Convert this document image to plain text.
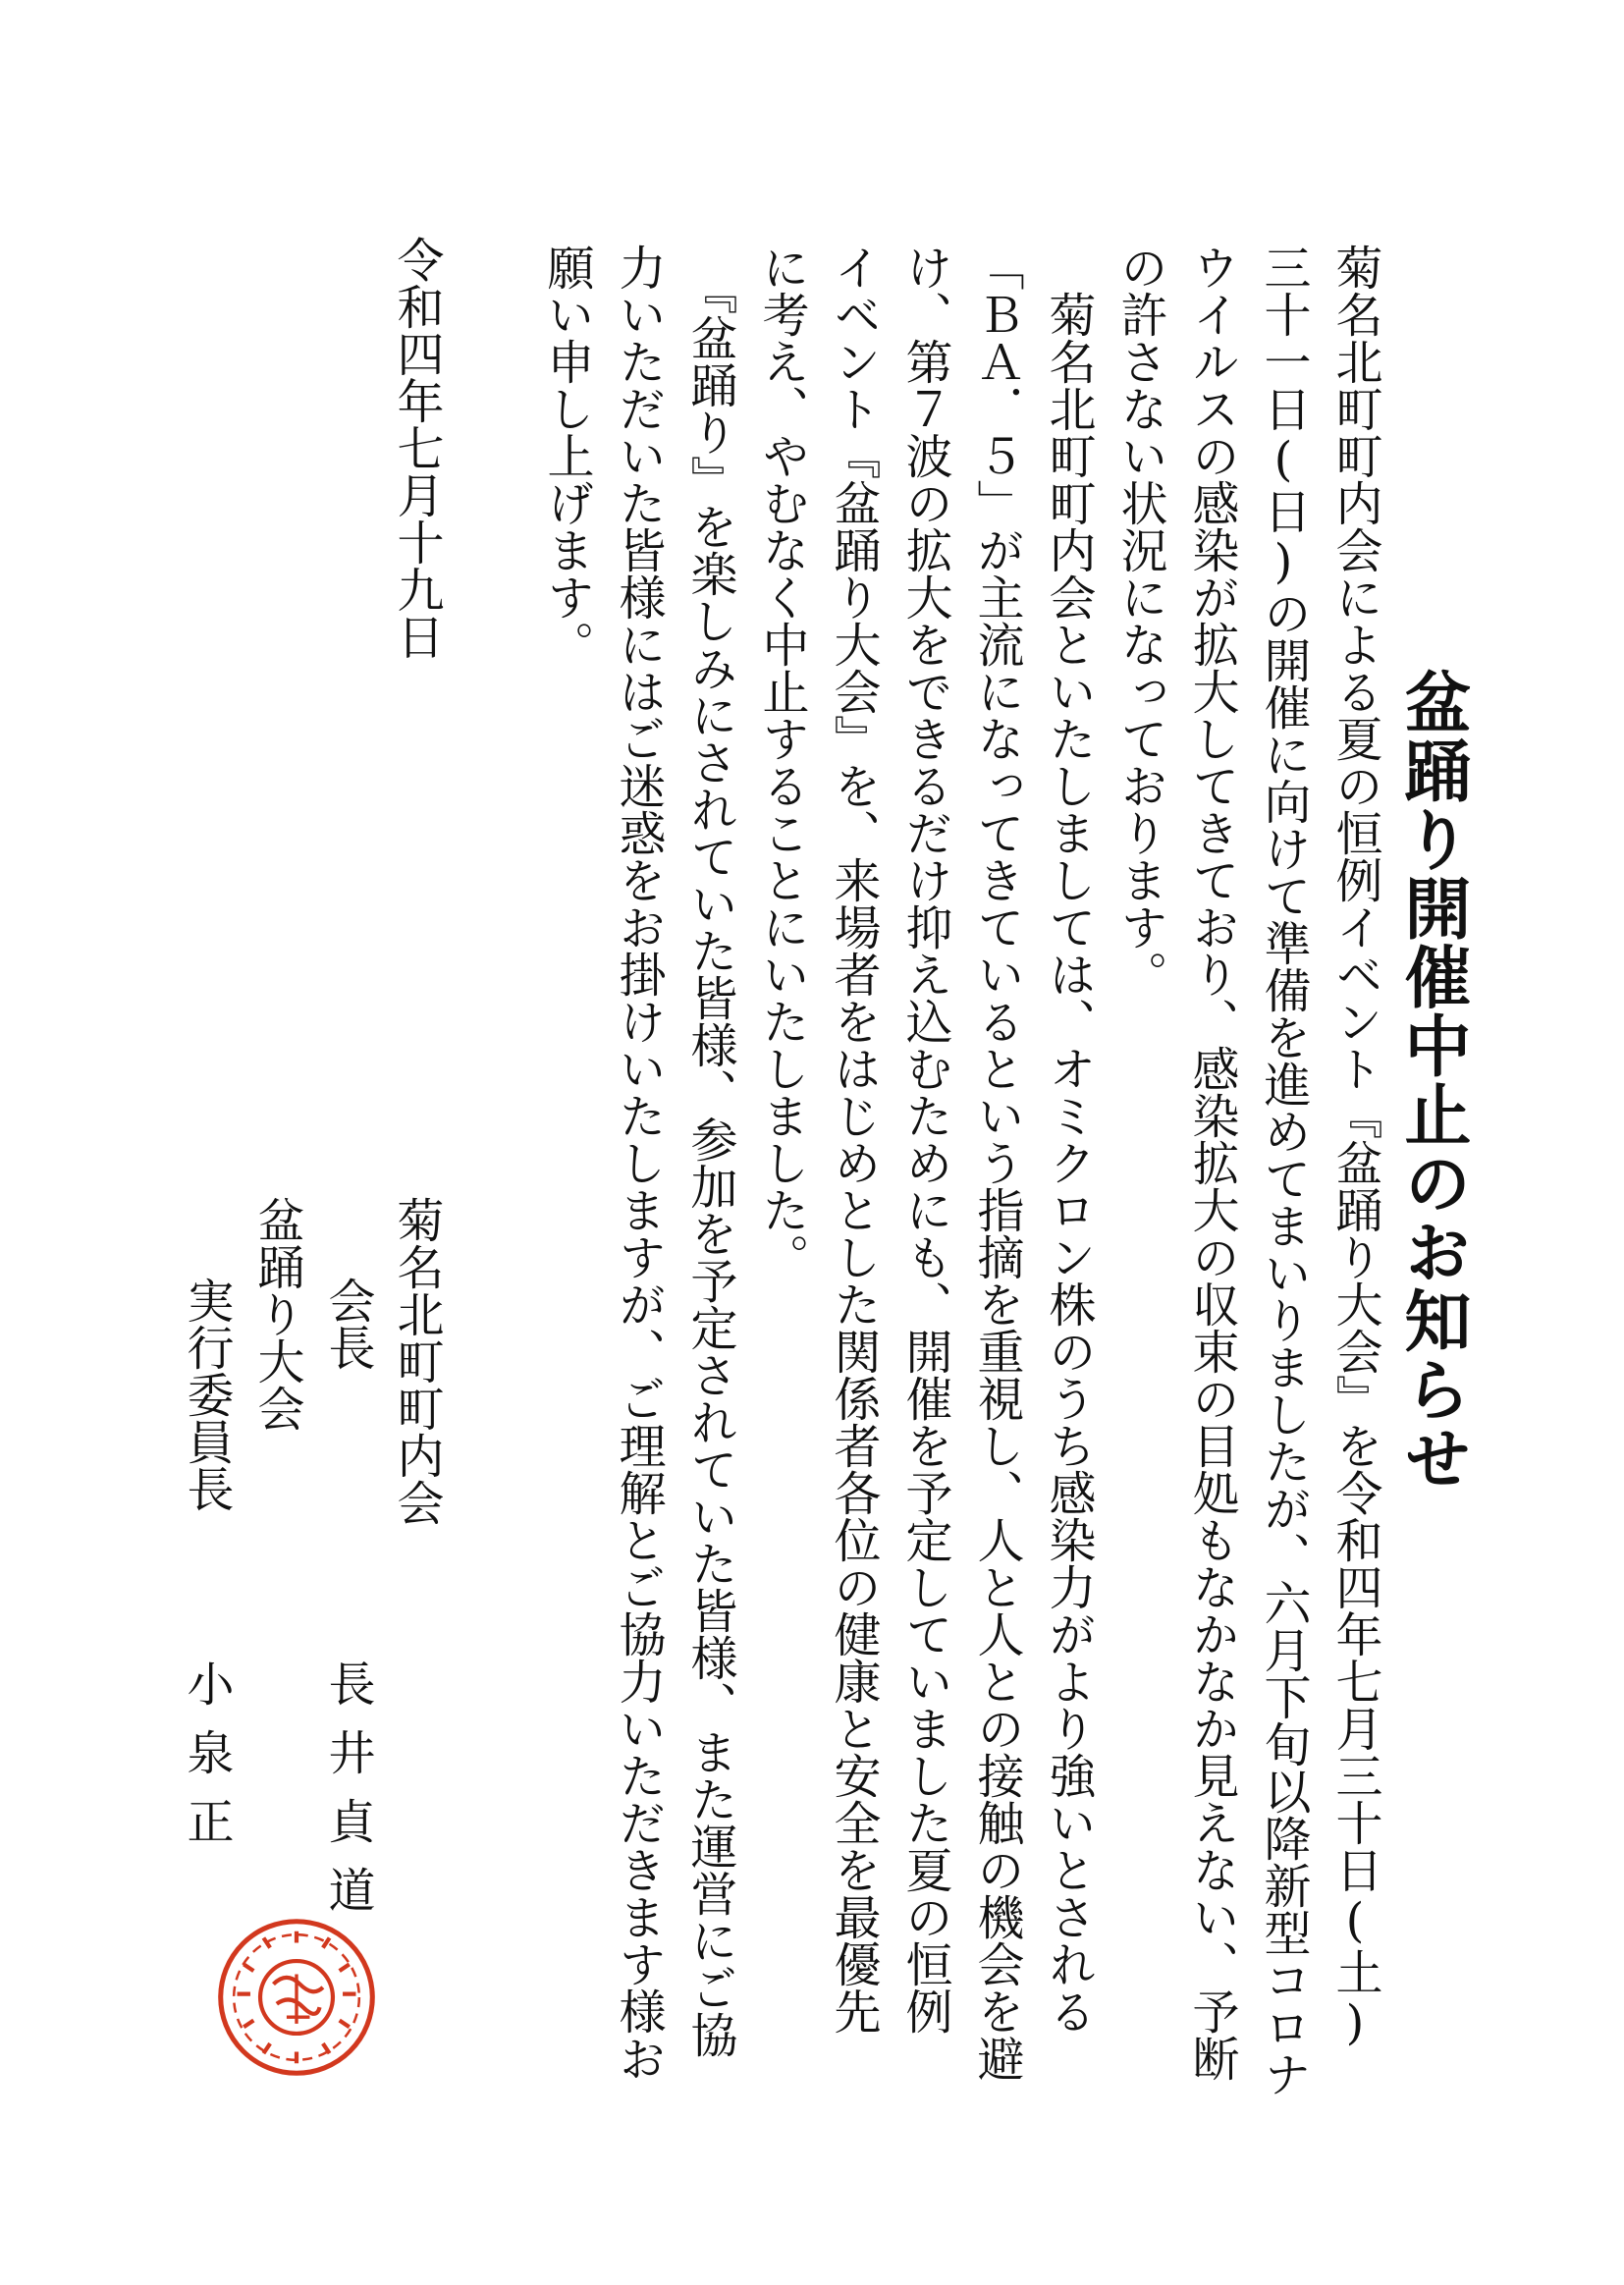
盆踊り開催中止のお知らせ
菊名北町町内会による夏の恒例イベント『盆踊り大会』を令和四年七月三十日(土)
三十一日(日)の開催に向けて準備を進めてまいりましたが、六月下旬以降新型コロナ
ウイルスの感染が拡大してきており、感染拡大の収束の目処もなかなか見えない、予断
の許さない状況になっております。
　菊名北町町内会といたしましては、オミクロン株のうち感染力がより強いとされる
「ＢＡ．５」が主流になってきているという指摘を重視し、人と人との接触の機会を避
け、第７波の拡大をできるだけ抑え込むためにも、開催を予定していました夏の恒例
イベント『盆踊り大会』を、来場者をはじめとした関係者各位の健康と安全を最優先
に考え、やむなく中止することにいたしました。
　『盆踊り』を楽しみにされていた皆様、参加を予定されていた皆様、また運営にご協
力いただいた皆様にはご迷惑をお掛けいたしますが、ご理解とご協力いただきます様お
願い申し上げます。
令和四年七月十九日
菊名北町町内会
会長
長井貞道
盆踊り大会
実行委員長
小泉正
